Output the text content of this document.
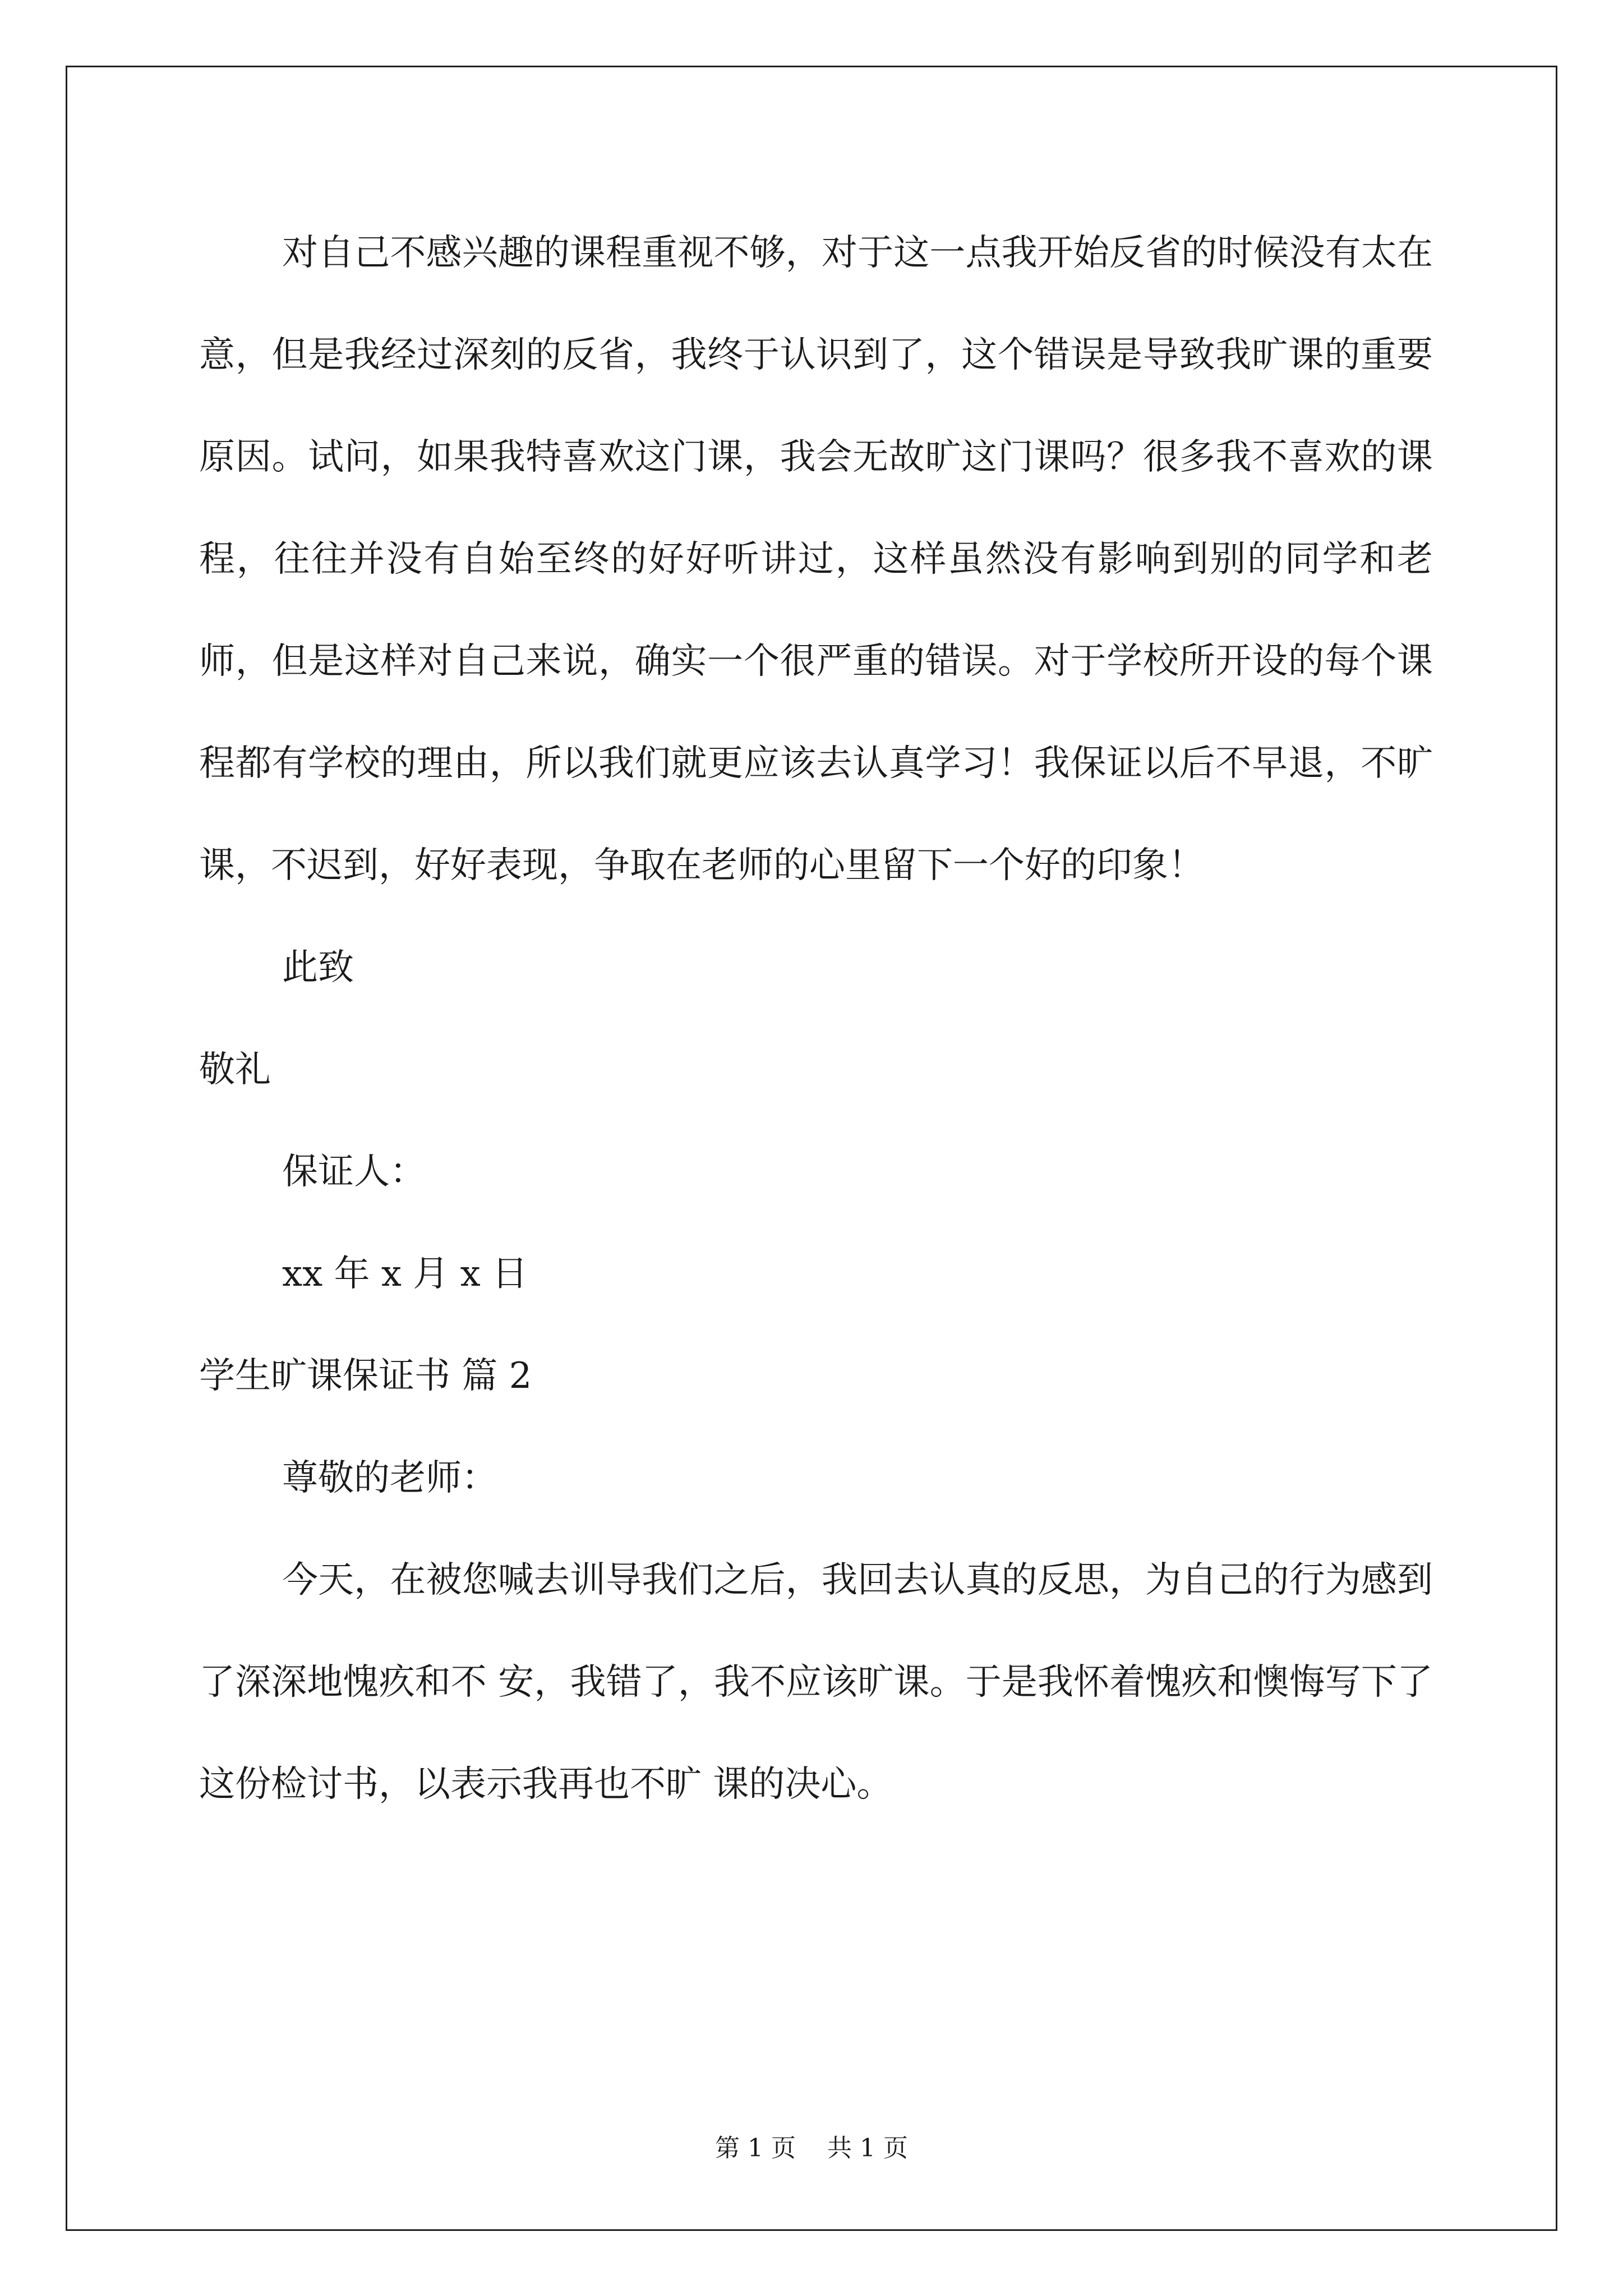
对自己不感兴趣的课程重视不够，对于这一点我开始反省的时候没有太在意，但是我经过深刻的反省，我终于认识到了，这个错误是导致我旷课的重要原因。试问，如果我特喜欢这门课，我会无故旷这门课吗？很多我不喜欢的课程，往往并没有自始至终的好好听讲过，这样虽然没有影响到别的同学和老师，但是这样对自己来说，确实一个很严重的错误。对于学校所开设的每个课程都有学校的理由，所以我们就更应该去认真学习！我保证以后不早退，不旷课，不迟到，好好表现，争取在老师的心里留下一个好的印象！

此致

敬礼

保证人：

xx 年 x 月 x 日

学生旷课保证书 篇 2

尊敬的老师：

今天，在被您喊去训导我们之后，我回去认真的反思，为自己的行为感到了深深地愧疚和不 安，我错了，我不应该旷课。于是我怀着愧疚和懊悔写下了这份检讨书，以表示我再也不旷 课的决心。

第 1 页 共 1 页
